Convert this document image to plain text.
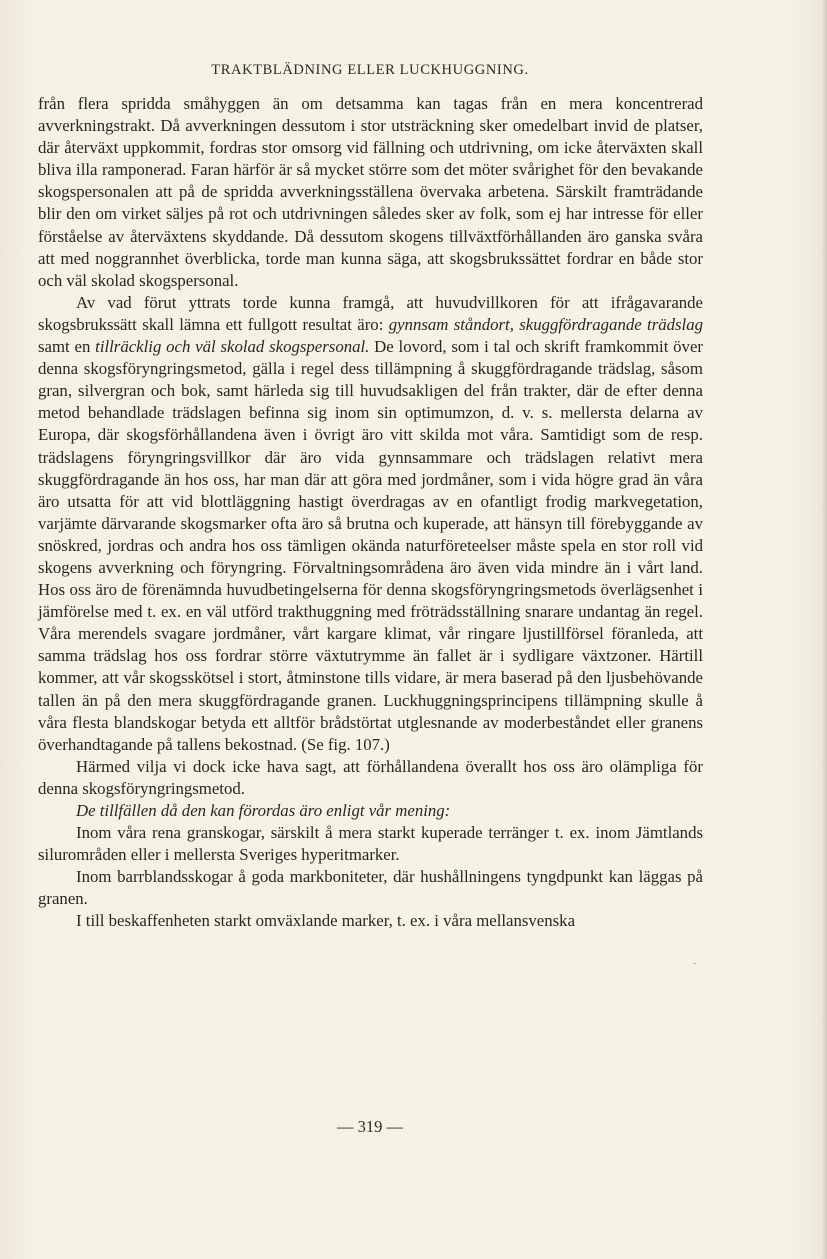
TRAKTBLÄDNING ELLER LUCKHUGGNING.

från flera spridda småhyggen än om detsamma kan tagas från en mera koncentrerad avverkningstrakt. Då avverkningen dessutom i stor utsträckning sker omedelbart invid de platser, där återväxt uppkommit, fordras stor omsorg vid fällning och utdrivning, om icke återväxten skall bliva illa ramponerad. Faran härför är så mycket större som det möter svårighet för den bevakande skogspersonalen att på de spridda avverkningsställena övervaka arbetena. Särskilt framträdande blir den om virket säljes på rot och utdrivningen således sker av folk, som ej har intresse för eller förståelse av återväxtens skyddande. Då dessutom skogens tillväxtförhållanden äro ganska svåra att med noggrannhet överblicka, torde man kunna säga, att skogsbrukssättet fordrar en både stor och väl skolad skogspersonal.

Av vad förut yttrats torde kunna framgå, att huvudvillkoren för att ifrågavarande skogsbrukssätt skall lämna ett fullgott resultat äro: gynnsam ståndort, skuggfördragande trädslag samt en tillräcklig och väl skolad skogspersonal. De lovord, som i tal och skrift framkommit över denna skogsföryngringsmetod, gälla i regel dess tillämpning å skuggfördragande trädslag, såsom gran, silvergran och bok, samt härleda sig till huvudsakligen del från trakter, där de efter denna metod behandlade trädslagen befinna sig inom sin optimumzon, d. v. s. mellersta delarna av Europa, där skogsförhållandena även i övrigt äro vitt skilda mot våra. Samtidigt som de resp. trädslagens föryngringsvillkor där äro vida gynnsammare och trädslagen relativt mera skuggfördragande än hos oss, har man där att göra med jordmåner, som i vida högre grad än våra äro utsatta för att vid blottläggning hastigt överdragas av en ofantligt frodig markvegetation, varjämte därvarande skogsmarker ofta äro så brutna och kuperade, att hänsyn till förebyggande av snöskred, jordras och andra hos oss tämligen okända naturföreteelser måste spela en stor roll vid skogens avverkning och föryngring. Förvaltningsområdena äro även vida mindre än i vårt land. Hos oss äro de förenämnda huvudbetingelserna för denna skogsföryngringsmetods överlägsenhet i jämförelse med t. ex. en väl utförd trakthuggning med fröträdsställning snarare undantag än regel. Våra merendels svagare jordmåner, vårt kargare klimat, vår ringare ljustillförsel föranleda, att samma trädslag hos oss fordrar större växtutrymme än fallet är i sydligare växtzoner. Härtill kommer, att vår skogsskötsel i stort, åtminstone tills vidare, är mera baserad på den ljusbehövande tallen än på den mera skuggfördragande granen. Luckhuggningsprincipens tillämpning skulle å våra flesta blandskogar betyda ett alltför brådstörtat utglesnande av moderbeståndet eller granens överhandtagande på tallens bekostnad. (Se fig. 107.)

Härmed vilja vi dock icke hava sagt, att förhållandena överallt hos oss äro olämpliga för denna skogsföryngringsmetod.

De tillfällen då den kan förordas äro enligt vår mening:

Inom våra rena granskogar, särskilt å mera starkt kuperade terränger t. ex. inom Jämtlands silurområden eller i mellersta Sveriges hyperitmarker.

Inom barrblandsskogar å goda markboniteter, där hushållningens tyngdpunkt kan läggas på granen.

I till beskaffenheten starkt omväxlande marker, t. ex. i våra mellansvenska

˙
— 319 —
